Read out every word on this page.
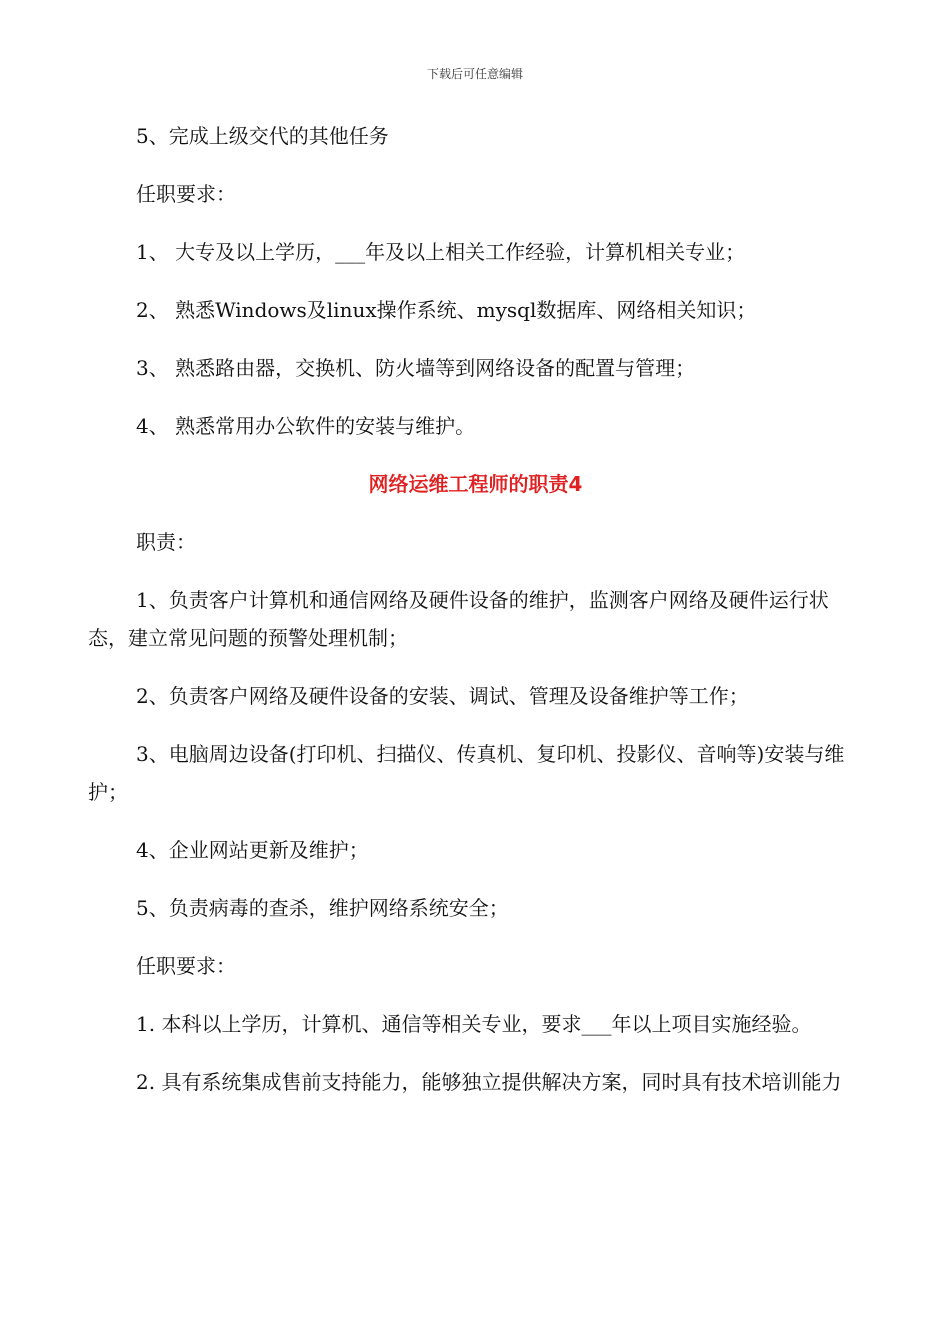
下载后可任意编辑

5、完成上级交代的其他任务

任职要求：

1、 大专及以上学历，___年及以上相关工作经验，计算机相关专业；

2、 熟悉Windows及linux操作系统、mysql数据库、网络相关知识；

3、 熟悉路由器，交换机、防火墙等到网络设备的配置与管理；

4、 熟悉常用办公软件的安装与维护。

网络运维工程师的职责4

职责：

1、负责客户计算机和通信网络及硬件设备的维护，监测客户网络及硬件运行状态，建立常见问题的预警处理机制；

2、负责客户网络及硬件设备的安装、调试、管理及设备维护等工作；

3、电脑周边设备(打印机、扫描仪、传真机、复印机、投影仪、音响等)安装与维护；

4、企业网站更新及维护；

5、负责病毒的查杀，维护网络系统安全；

任职要求：

1. 本科以上学历，计算机、通信等相关专业，要求___年以上项目实施经验。

2. 具有系统集成售前支持能力，能够独立提供解决方案，同时具有技术培训能力
